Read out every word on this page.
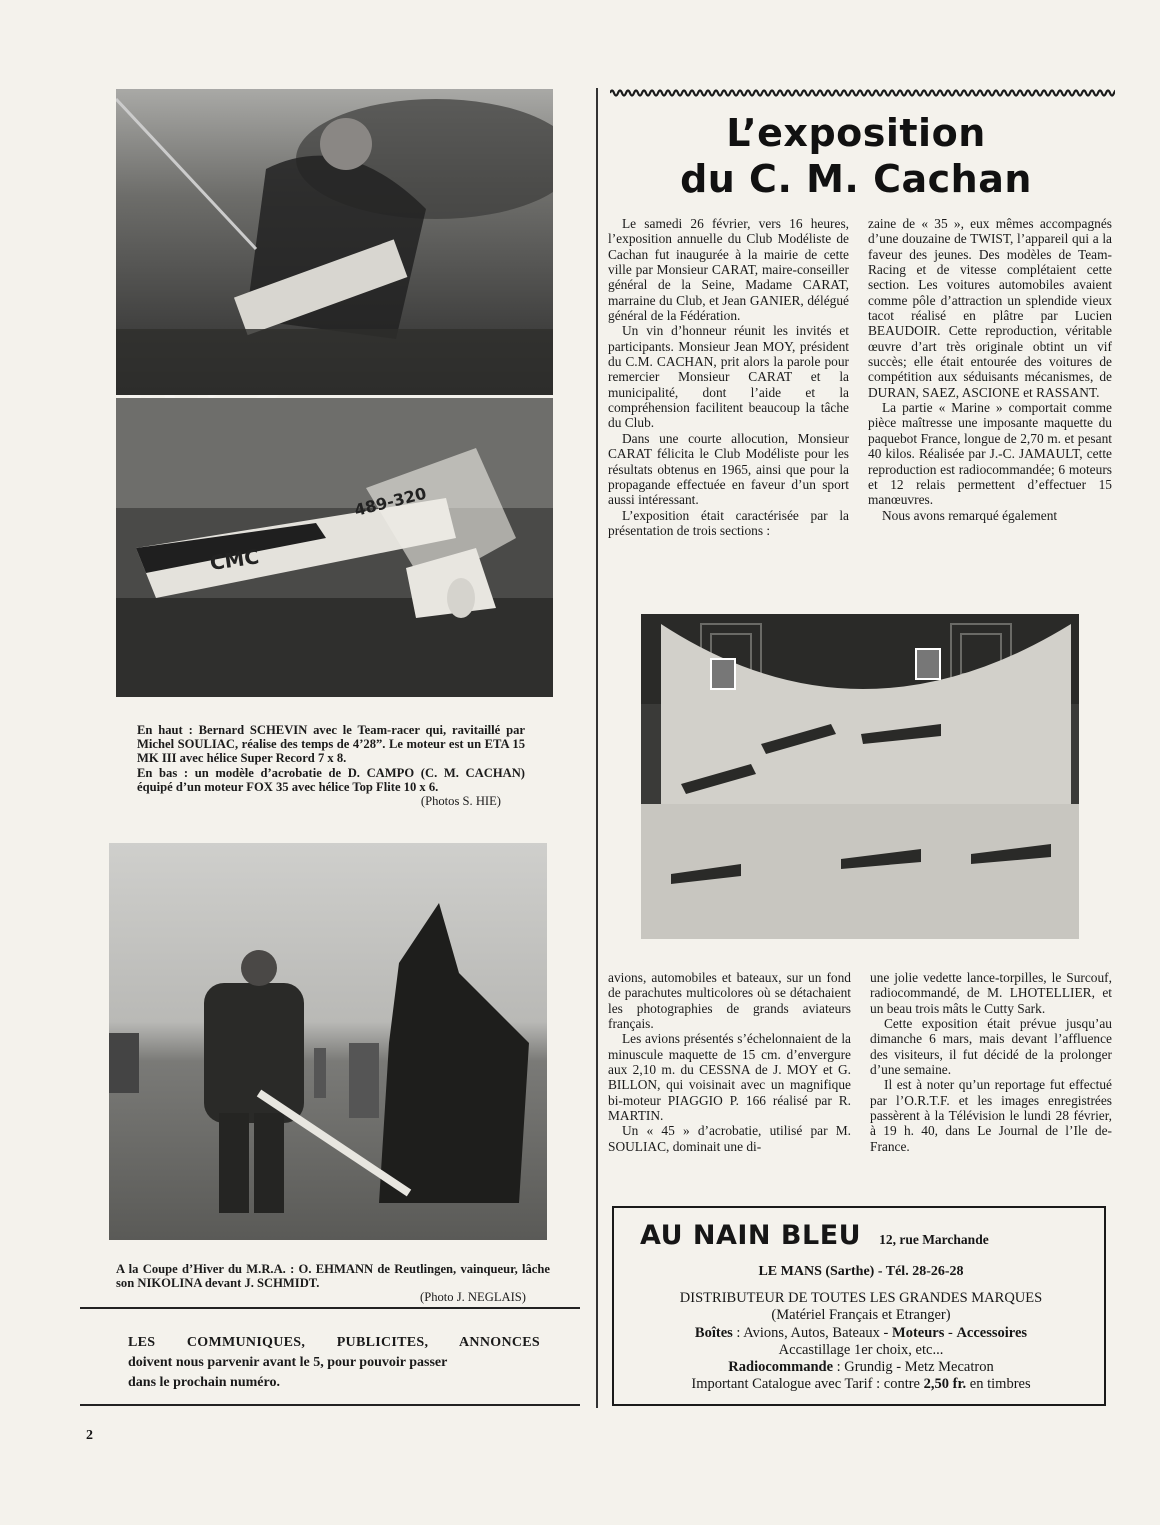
CMC
489-320

En haut : Bernard SCHEVIN avec le Team-racer qui, ravitaillé par Michel SOULIAC, réalise des temps de 4’28”. Le moteur est un ETA 15 MK III avec hélice Super Record 7 x 8.

En bas : un modèle d’acrobatie de D. CAMPO (C. M. CACHAN) équipé d’un moteur FOX 35 avec hélice Top Flite 10 x 6.

(Photos S. HIE)

A la Coupe d’Hiver du M.R.A. : O. EHMANN de Reutlingen, vainqueur, lâche son NIKOLINA devant J. SCHMIDT.

(Photo J. NEGLAIS)

LES COMMUNIQUES, PUBLICITES, ANNONCES
doivent nous parvenir avant le 5, pour pouvoir passer
dans le prochain numéro.
L’exposition
du C. M. Cachan

Le samedi 26 février, vers 16 heures, l’exposition annuelle du Club Modéliste de Cachan fut inaugurée à la mairie de cette ville par Monsieur CARAT, maire-conseiller général de la Seine, Madame CARAT, marraine du Club, et Jean GANIER, délégué général de la Fédération.

Un vin d’honneur réunit les invités et participants. Monsieur Jean MOY, président du C.M. CACHAN, prit alors la parole pour remercier Monsieur CARAT et la municipalité, dont l’aide et la compréhension facilitent beaucoup la tâche du Club.

Dans une courte allocution, Monsieur CARAT félicita le Club Modéliste pour les résultats obtenus en 1965, ainsi que pour la propagande effectuée en faveur d’un sport aussi intéressant.

L’exposition était caractérisée par la présentation de trois sections :

zaine de « 35 », eux mêmes accompagnés d’une douzaine de TWIST, l’appareil qui a la faveur des jeunes. Des modèles de Team-Racing et de vitesse complétaient cette section. Les voitures automobiles avaient comme pôle d’attraction un splendide vieux tacot réalisé en plâtre par Lucien BEAUDOIR. Cette reproduction, véritable œuvre d’art très originale obtint un vif succès; elle était entourée des voitures de compétition aux séduisants mécanismes, de DURAN, SAEZ, ASCIONE et RASSANT.

La partie « Marine » comportait comme pièce maîtresse une imposante maquette du paquebot France, longue de 2,70 m. et pesant 40 kilos. Réalisée par J.-C. JAMAULT, cette reproduction est radiocommandée; 6 moteurs et 12 relais permettent d’effectuer 15 manœuvres.

Nous avons remarqué également

avions, automobiles et bateaux, sur un fond de parachutes multicolores où se détachaient les photographies de grands aviateurs français.

Les avions présentés s’échelonnaient de la minuscule maquette de 15 cm. d’envergure aux 2,10 m. du CESSNA de J. MOY et G. BILLON, qui voisinait avec un magnifique bi-moteur PIAGGIO P. 166 réalisé par R. MARTIN.

Un « 45 » d’acrobatie, utilisé par M. SOULIAC, dominait une di-

une jolie vedette lance-torpilles, le Surcouf, radiocommandé, de M. LHOTELLIER, et un beau trois mâts le Cutty Sark.

Cette exposition était prévue jusqu’au dimanche 6 mars, mais devant l’affluence des visiteurs, il fut décidé de la prolonger d’une semaine.

Il est à noter qu’un reportage fut effectué par l’O.R.T.F. et les images enregistrées passèrent à la Télévision le lundi 28 février, à 19 h. 40, dans Le Journal de l’Ile de-France.

AU NAIN BLEU 12, rue Marchande
LE MANS (Sarthe) - Tél. 28-26-28
DISTRIBUTEUR DE TOUTES LES GRANDES MARQUES
(Matériel Français et Etranger)
Boîtes : Avions, Autos, Bateaux - Moteurs - Accessoires
Accastillage 1er choix, etc...
Radiocommande : Grundig - Metz Mecatron
Important Catalogue avec Tarif : contre 2,50 fr. en timbres
2
